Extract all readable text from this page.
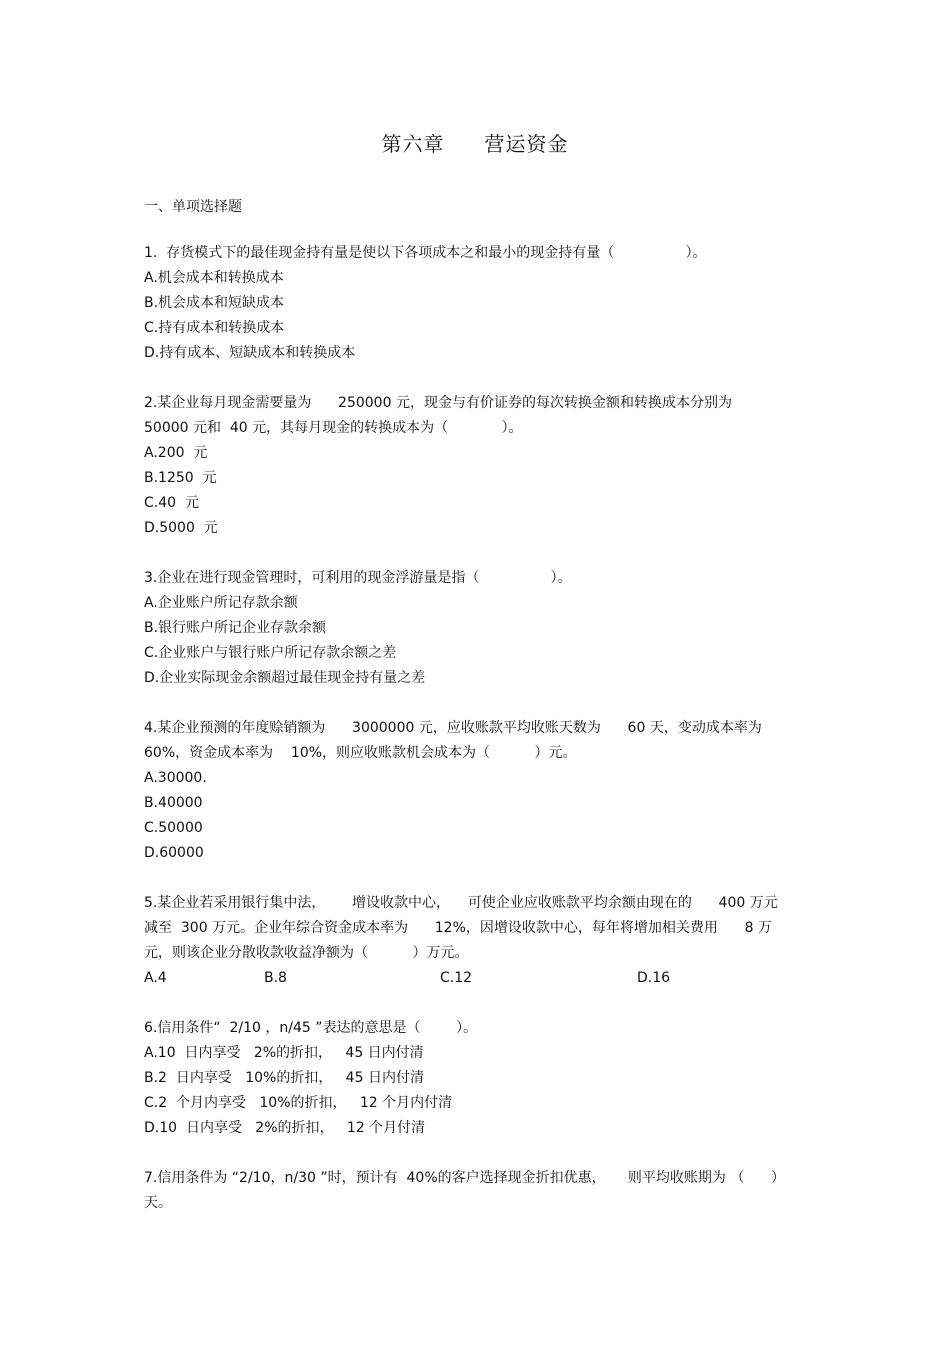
第六章 营运资金
一、单项选择题
1.  存货模式下的最佳现金持有量是使以下各项成本之和最小的现金持有量（                ）。
A.机会成本和转换成本
B.机会成本和短缺成本
C.持有成本和转换成本
D.持有成本、短缺成本和转换成本
2.某企业每月现金需要量为      250000 元，现金与有价证券的每次转换金额和转换成本分别为
50000 元和  40 元，其每月现金的转换成本为（            ）。
A.200  元
B.1250  元
C.40  元
D.5000  元
3.企业在进行现金管理时，可利用的现金浮游量是指（                ）。
A.企业账户所记存款余额
B.银行账户所记企业存款余额
C.企业账户与银行账户所记存款余额之差
D.企业实际现金余额超过最佳现金持有量之差
4.某企业预测的年度赊销额为      3000000 元，应收账款平均收账天数为      60 天，变动成本率为
60%，资金成本率为    10%，则应收账款机会成本为（          ）元。
A.30000.
B.40000
C.50000
D.60000
5.某企业若采用银行集中法，      增设收款中心，    可使企业应收账款平均余额由现在的      400 万元
减至  300 万元。企业年综合资金成本率为      12%，因增设收款中心，每年将增加相关费用      8 万
元，则该企业分散收款收益净额为（          ）万元。
A.4	B.8	C.12	D.16
6.信用条件“  2/10 ，n/45 ”表达的意思是（        ）。
A.10  日内享受   2%的折扣，   45 日内付清
B.2  日内享受   10%的折扣，   45 日内付清
C.2  个月内享受   10%的折扣，   12 个月内付清
D.10  日内享受   2%的折扣，   12 个月付清
7.信用条件为 “2/10，n/30 ”时，预计有  40%的客户选择现金折扣优惠，     则平均收账期为 （      ）
天。
